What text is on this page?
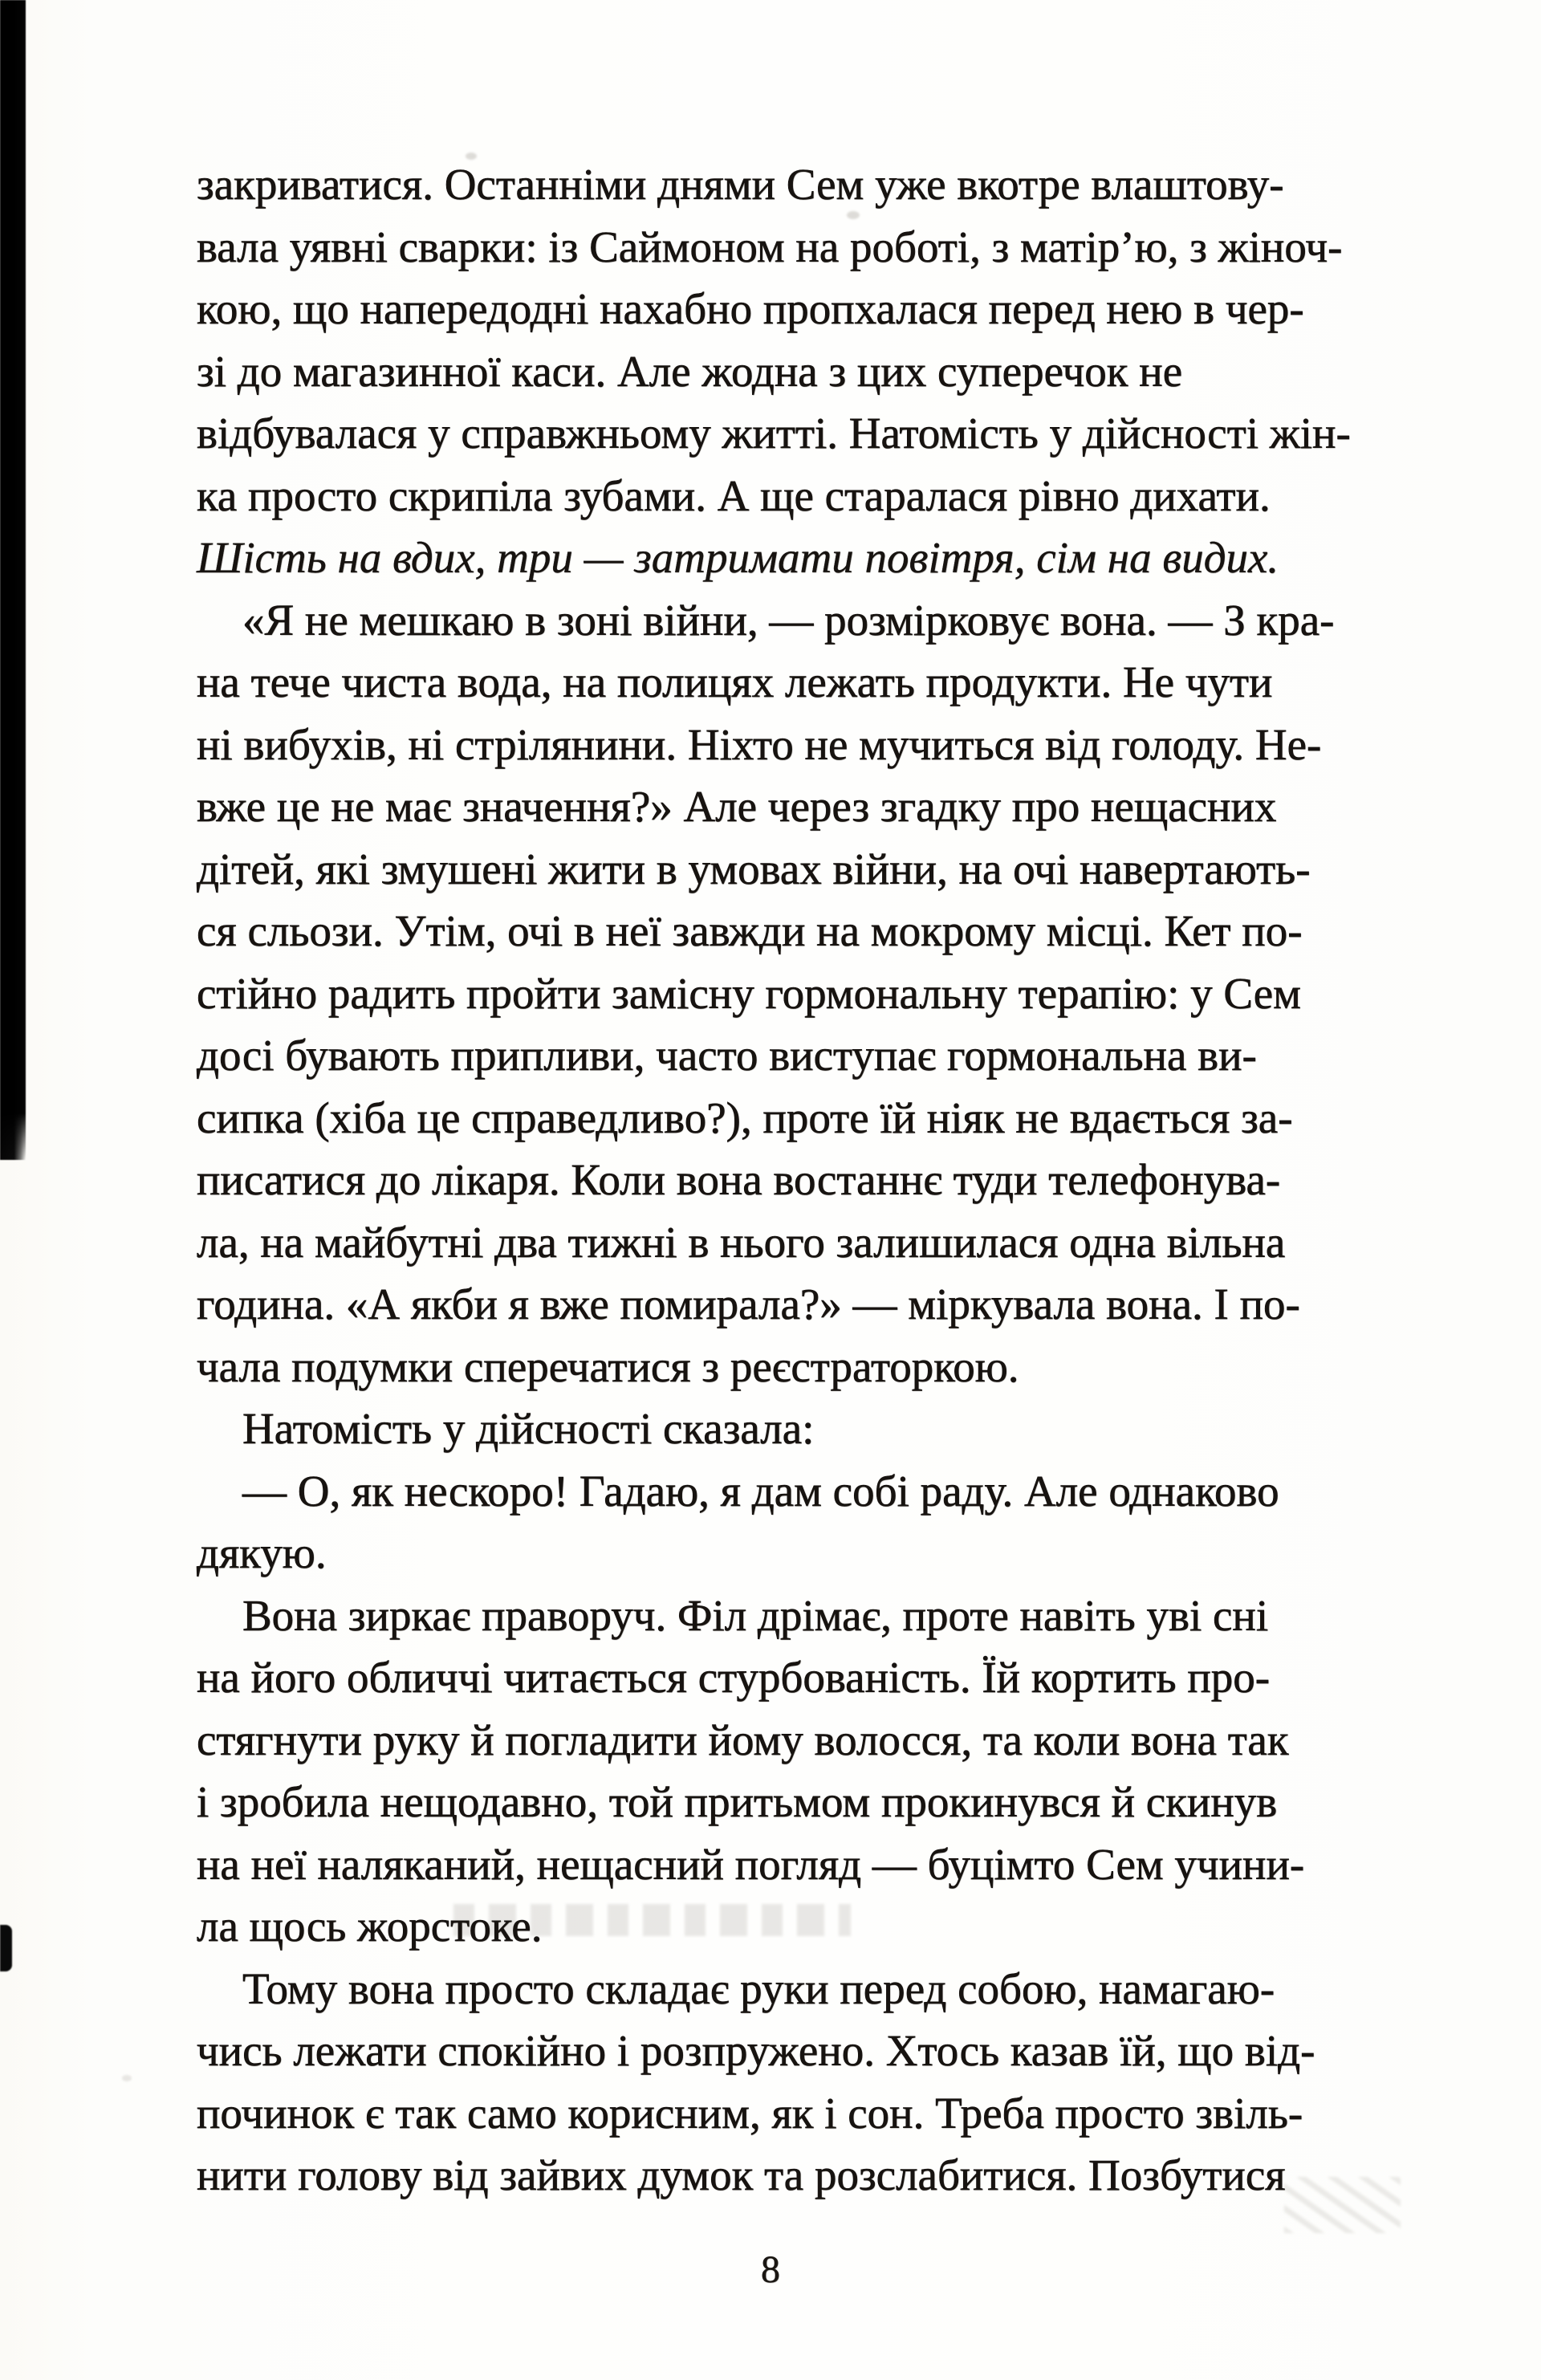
закриватися. Останніми днями Сем уже вкотре влаштову-
вала уявні сварки: із Саймоном на роботі, з матір’ю, з жіноч-
кою, що напередодні нахабно пропхалася перед нею в чер-
зі до магазинної каси. Але жодна з цих суперечок не
відбувалася у справжньому житті. Натомість у дійсності жін-
ка просто скрипіла зубами. А ще старалася рівно дихати.
Шість на вдих, три — затримати повітря, сім на видих.
«Я не мешкаю в зоні війни, — розмірковує вона. — З кра-
на тече чиста вода, на полицях лежать продукти. Не чути
ні вибухів, ні стрілянини. Ніхто не мучиться від голоду. Не-
вже це не має значення?» Але через згадку про нещасних
дітей, які змушені жити в умовах війни, на очі навертають-
ся сльози. Утім, очі в неї завжди на мокрому місці. Кет по-
стійно радить пройти замісну гормональну терапію: у Сем
досі бувають припливи, часто виступає гормональна ви-
сипка (хіба це справедливо?), проте їй ніяк не вдається за-
писатися до лікаря. Коли вона востаннє туди телефонува-
ла, на майбутні два тижні в нього залишилася одна вільна
година. «А якби я вже помирала?» — міркувала вона. І по-
чала подумки сперечатися з реєстраторкою.
Натомість у дійсності сказала:
— О, як нескоро! Гадаю, я дам собі раду. Але однаково
дякую.
Вона зиркає праворуч. Філ дрімає, проте навіть уві сні
на його обличчі читається стурбованість. Їй кортить про-
стягнути руку й погладити йому волосся, та коли вона так
і зробила нещодавно, той притьмом прокинувся й скинув
на неї наляканий, нещасний погляд — буцімто Сем учини-
ла щось жорстоке.
Тому вона просто складає руки перед собою, намагаю-
чись лежати спокійно і розпружено. Хтось казав їй, що від-
починок є так само корисним, як і сон. Треба просто звіль-
нити голову від зайвих думок та розслабитися. Позбутися
8
